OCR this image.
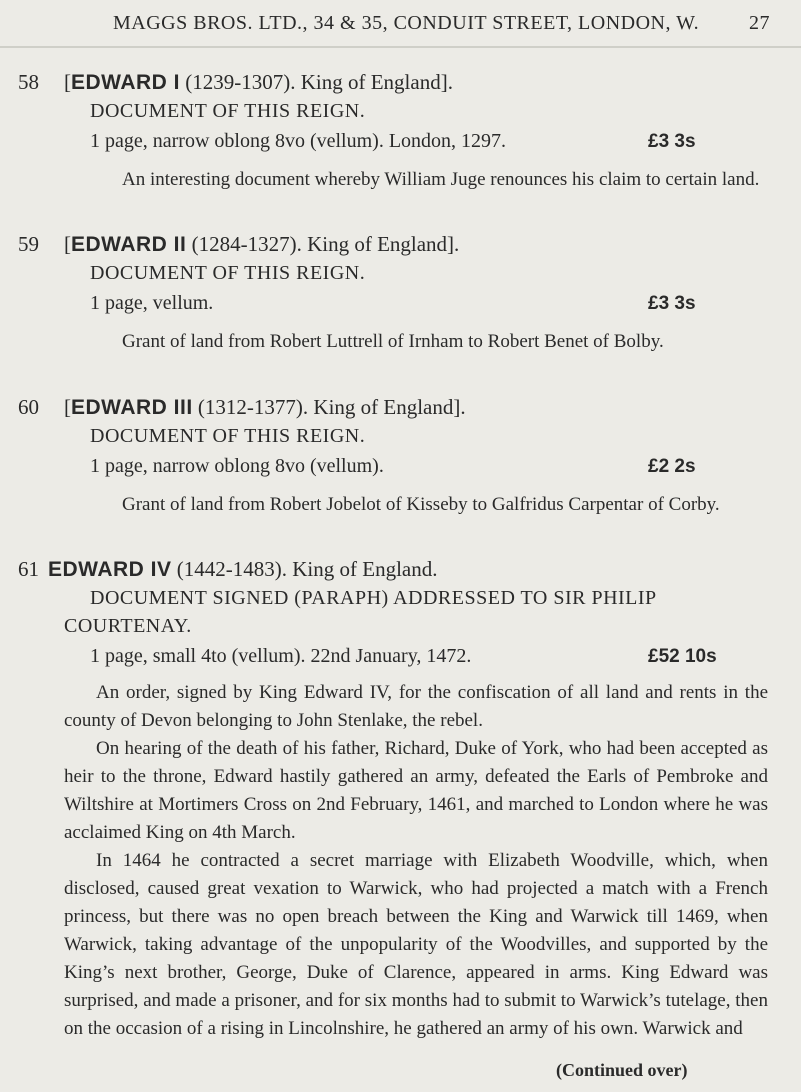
MAGGS BROS. LTD., 34 & 35, CONDUIT STREET, LONDON, W. 27
58 [EDWARD I (1239-1307). King of England].
DOCUMENT OF THIS REIGN.
1 page, narrow oblong 8vo (vellum). London, 1297.	£3 3s

An interesting document whereby William Juge renounces his claim to certain land.

59 [EDWARD II (1284-1327). King of England].
DOCUMENT OF THIS REIGN.
1 page, vellum.	£3 3s

Grant of land from Robert Luttrell of Irnham to Robert Benet of Bolby.

60 [EDWARD III (1312-1377). King of England].
DOCUMENT OF THIS REIGN.
1 page, narrow oblong 8vo (vellum).	£2 2s

Grant of land from Robert Jobelot of Kisseby to Galfridus Carpentar of Corby.

61 EDWARD IV (1442-1483). King of England.
DOCUMENT SIGNED (PARAPH) ADDRESSED TO SIR PHILIP
COURTENAY.
1 page, small 4to (vellum). 22nd January, 1472.	£52 10s

An order, signed by King Edward IV, for the confiscation of all land and rents in the county of Devon belonging to John Stenlake, the rebel.

On hearing of the death of his father, Richard, Duke of York, who had been accepted as heir to the throne, Edward hastily gathered an army, defeated the Earls of Pembroke and Wiltshire at Mortimers Cross on 2nd February, 1461, and marched to London where he was acclaimed King on 4th March.

In 1464 he contracted a secret marriage with Elizabeth Woodville, which, when disclosed, caused great vexation to Warwick, who had projected a match with a French princess, but there was no open breach between the King and Warwick till 1469, when Warwick, taking advantage of the unpopularity of the Woodvilles, and supported by the King’s next brother, George, Duke of Clarence, appeared in arms. King Edward was surprised, and made a prisoner, and for six months had to submit to Warwick’s tutelage, then on the occasion of a rising in Lincolnshire, he gathered an army of his own. Warwick and

(Continued over)
